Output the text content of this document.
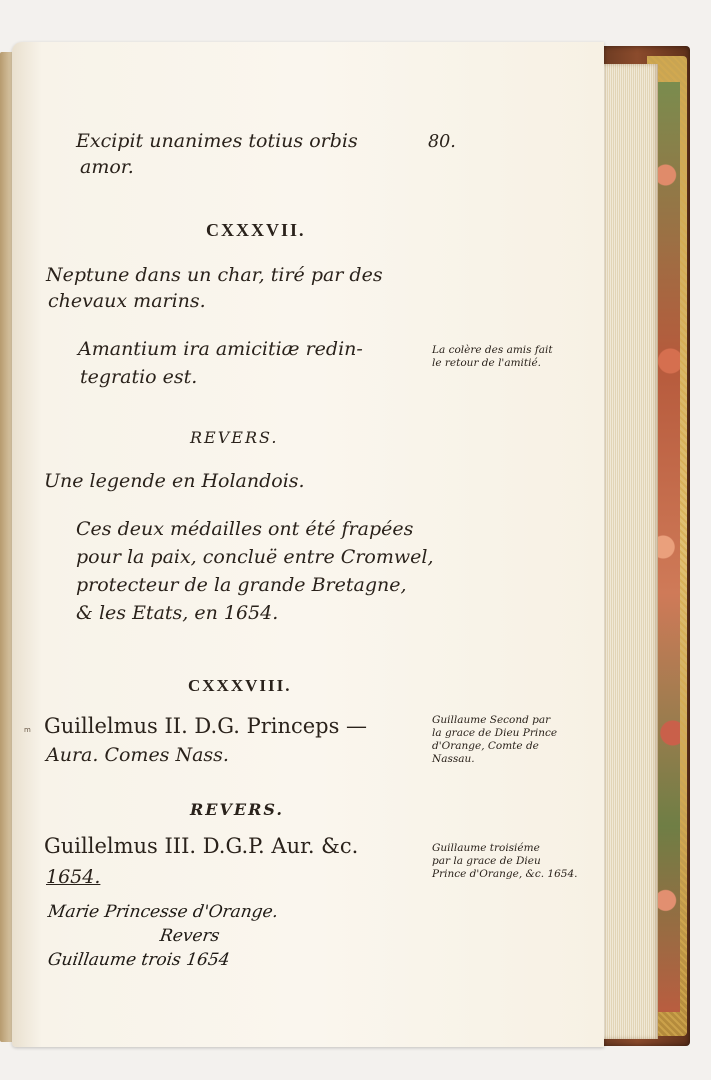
Excipit unanimes totius orbis	80.
amor.
CXXXVII.
Neptune dans un char, tiré par des
chevaux marins.
Amantium ira amicitiæ redin-
tegratio est.
La colère des amis fait
le retour de l'amitié.
REVERS.
Une legende en Holandois.
Ces deux médailles ont été frapées
pour la paix, concluë entre Cromwel,
protecteur de la grande Bretagne,
& les Etats, en 1654.
CXXXVIII.
m Guillelmus II. D.G. Princeps —
Aura. Comes Nass.
Guillaume Second par
la grace de Dieu Prince
d'Orange, Comte de
Nassau.
REVERS.
Guillelmus III. D.G.P. Aur. &c.
1654.
Guillaume troisiéme
par la grace de Dieu
Prince d'Orange, &c. 1654.
Marie Princesse d'Orange.
Revers
Guillaume trois 1654
